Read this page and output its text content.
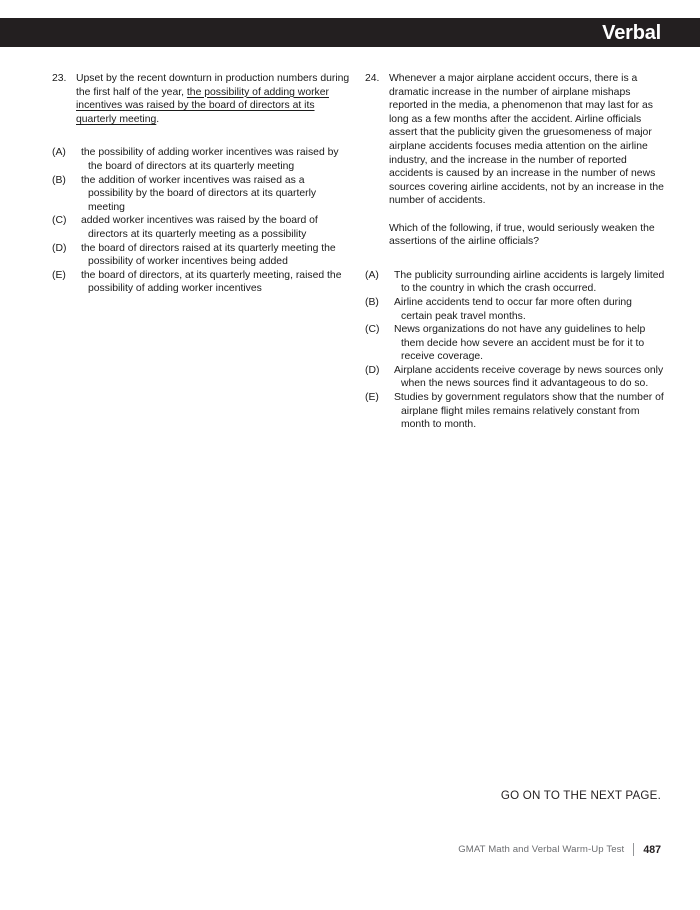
Verbal
23. Upset by the recent downturn in production numbers during the first half of the year, the possibility of adding worker incentives was raised by the board of directors at its quarterly meeting.
(A)	the possibility of adding worker incentives was raised by the board of directors at its quarterly meeting
(B)	the addition of worker incentives was raised as a possibility by the board of directors at its quarterly meeting
(C)	added worker incentives was raised by the board of directors at its quarterly meeting as a possibility
(D)	the board of directors raised at its quarterly meeting the possibility of worker incentives being added
(E)	the board of directors, at its quarterly meeting, raised the possibility of adding worker incentives
24. Whenever a major airplane accident occurs, there is a dramatic increase in the number of airplane mishaps reported in the media, a phenomenon that may last for as long as a few months after the accident. Airline officials assert that the publicity given the gruesomeness of major airplane accidents focuses media attention on the airline industry, and the increase in the number of reported accidents is caused by an increase in the number of news sources covering airline accidents, not by an increase in the number of accidents.
Which of the following, if true, would seriously weaken the assertions of the airline officials?
(A)	The publicity surrounding airline accidents is largely limited to the country in which the crash occurred.
(B)	Airline accidents tend to occur far more often during certain peak travel months.
(C)	News organizations do not have any guidelines to help them decide how severe an accident must be for it to receive coverage.
(D)	Airplane accidents receive coverage by news sources only when the news sources find it advantageous to do so.
(E)	Studies by government regulators show that the number of airplane flight miles remains relatively constant from month to month.
GO ON TO THE NEXT PAGE.
GMAT Math and Verbal Warm-Up Test 487
